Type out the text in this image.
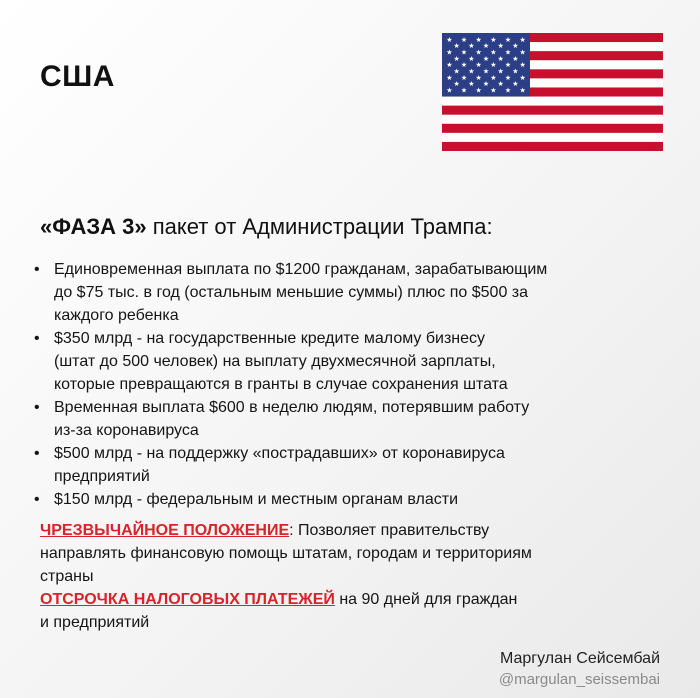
США
★ ★ ★ ★ ★ ★
★ ★ ★ ★ ★
★ ★ ★ ★ ★ ★
★ ★ ★ ★ ★
★ ★ ★ ★ ★ ★
★ ★ ★ ★ ★
★ ★ ★ ★ ★ ★
★ ★ ★ ★ ★
★ ★ ★ ★ ★ ★
«ФАЗА 3» пакет от Администрации Трампа:
• Единовременная выплата по $1200 гражданам, зарабатывающим
до $75 тыс. в год (остальным меньшие суммы) плюс по $500 за
каждого ребенка
• $350 млрд - на государственные кредите малому бизнесу
(штат до 500 человек) на выплату двухмесячной зарплаты,
которые превращаются в гранты в случае сохранения штата
• Временная выплата $600 в неделю людям, потерявшим работу
из-за коронавируса
• $500 млрд - на поддержку «пострадавших» от коронавируса
предприятий
• $150 млрд - федеральным и местным органам власти
ЧРЕЗВЫЧАЙНОЕ ПОЛОЖЕНИЕ: Позволяет правительству
направлять финансовую помощь штатам, городам и территориям
страны
ОТСРОЧКА НАЛОГОВЫХ ПЛАТЕЖЕЙ на 90 дней для граждан
и предприятий
Маргулан Сейсембай
@margulan_seissembai
